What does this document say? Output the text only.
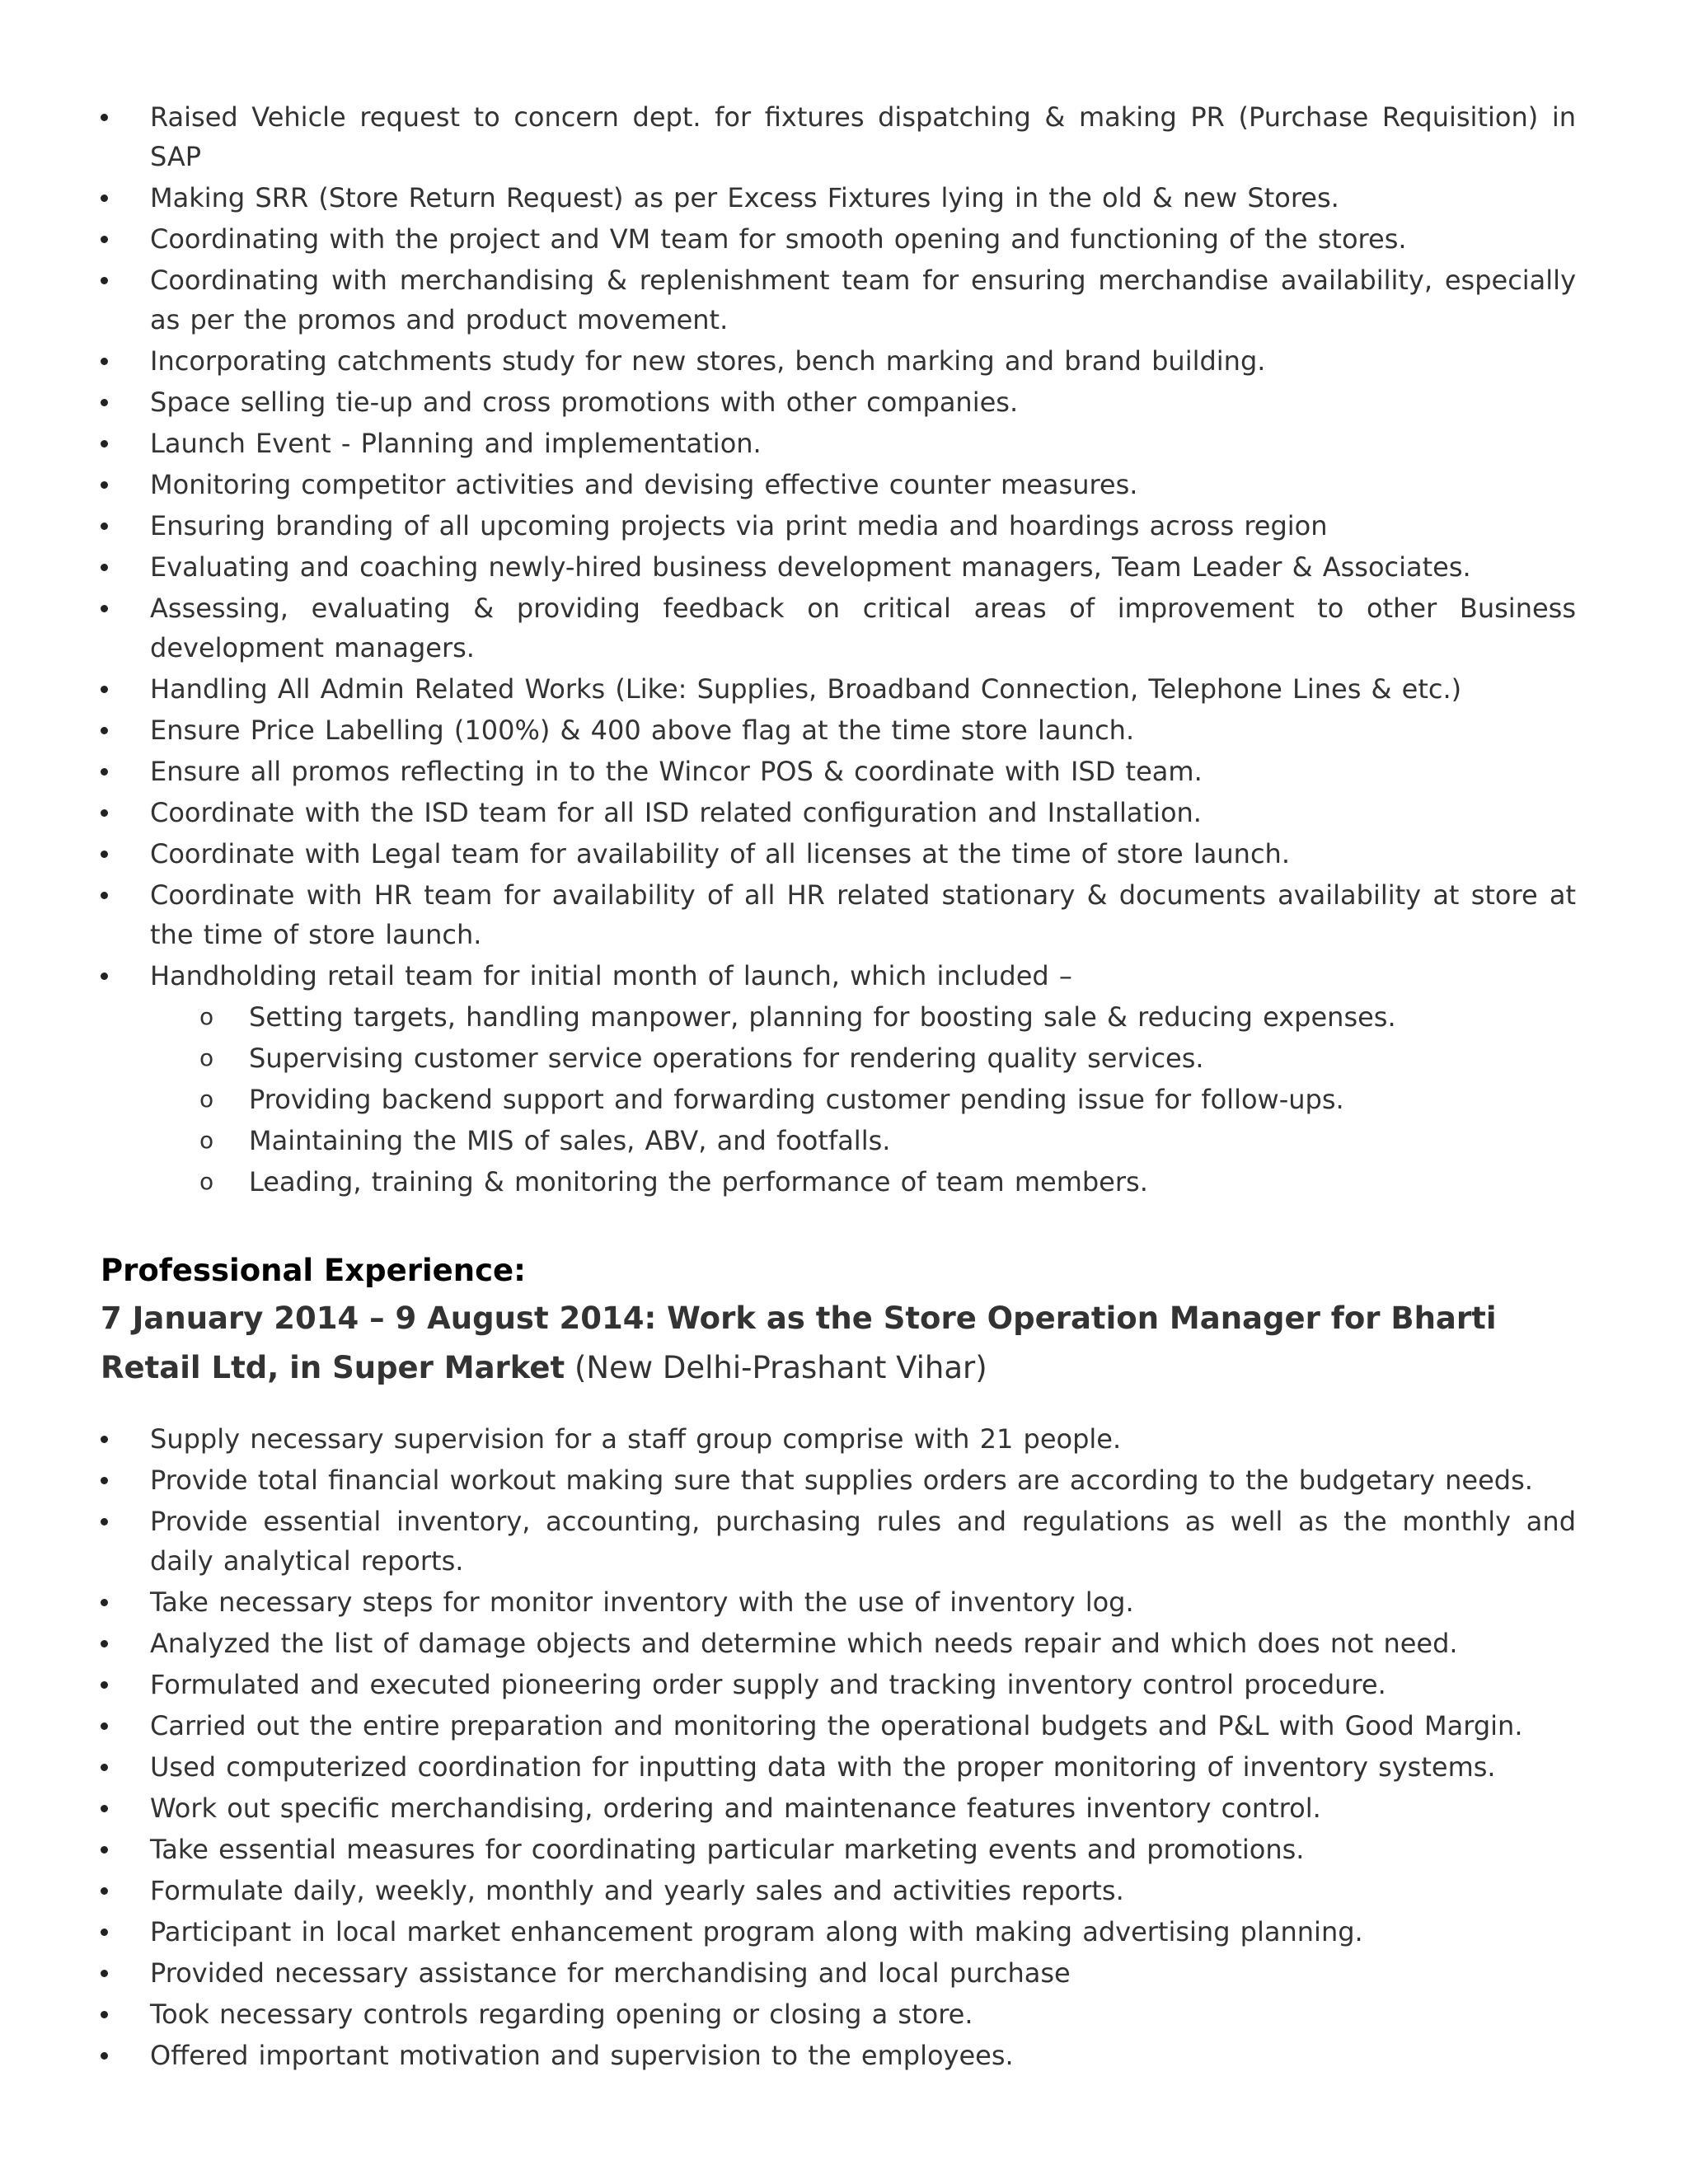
Raised Vehicle request to concern dept. for fixtures dispatching & making PR (Purchase Requisition) in SAP
Making SRR (Store Return Request) as per Excess Fixtures lying in the old & new Stores.
Coordinating with the project and VM team for smooth opening and functioning of the stores.
Coordinating with merchandising & replenishment team for ensuring merchandise availability, especially as per the promos and product movement.
Incorporating catchments study for new stores, bench marking and brand building.
Space selling tie-up and cross promotions with other companies.
Launch Event - Planning and implementation.
Monitoring competitor activities and devising effective counter measures.
Ensuring branding of all upcoming projects via print media and hoardings across region
Evaluating and coaching newly-hired business development managers, Team Leader & Associates.
Assessing, evaluating & providing feedback on critical areas of improvement to other Business development managers.
Handling All Admin Related Works (Like: Supplies, Broadband Connection, Telephone Lines & etc.)
Ensure Price Labelling (100%) & 400 above flag at the time store launch.
Ensure all promos reflecting in to the Wincor POS & coordinate with ISD team.
Coordinate with the ISD team for all ISD related configuration and Installation.
Coordinate with Legal team for availability of all licenses at the time of store launch.
Coordinate with HR team for availability of all HR related stationary & documents availability at store at the time of store launch.
Handholding retail team for initial month of launch, which included –
o Setting targets, handling manpower, planning for boosting sale & reducing expenses.
o Supervising customer service operations for rendering quality services.
o Providing backend support and forwarding customer pending issue for follow-ups.
o Maintaining the MIS of sales, ABV, and footfalls.
o Leading, training & monitoring the performance of team members.
Professional Experience:

7 January 2014 – 9 August 2014: Work as the Store Operation Manager for Bharti Retail Ltd, in Super Market (New Delhi-Prashant Vihar)

Supply necessary supervision for a staff group comprise with 21 people.
Provide total financial workout making sure that supplies orders are according to the budgetary needs.
Provide essential inventory, accounting, purchasing rules and regulations as well as the monthly and daily analytical reports.
Take necessary steps for monitor inventory with the use of inventory log.
Analyzed the list of damage objects and determine which needs repair and which does not need.
Formulated and executed pioneering order supply and tracking inventory control procedure.
Carried out the entire preparation and monitoring the operational budgets and P&L with Good Margin.
Used computerized coordination for inputting data with the proper monitoring of inventory systems.
Work out specific merchandising, ordering and maintenance features inventory control.
Take essential measures for coordinating particular marketing events and promotions.
Formulate daily, weekly, monthly and yearly sales and activities reports.
Participant in local market enhancement program along with making advertising planning.
Provided necessary assistance for merchandising and local purchase
Took necessary controls regarding opening or closing a store.
Offered important motivation and supervision to the employees.
